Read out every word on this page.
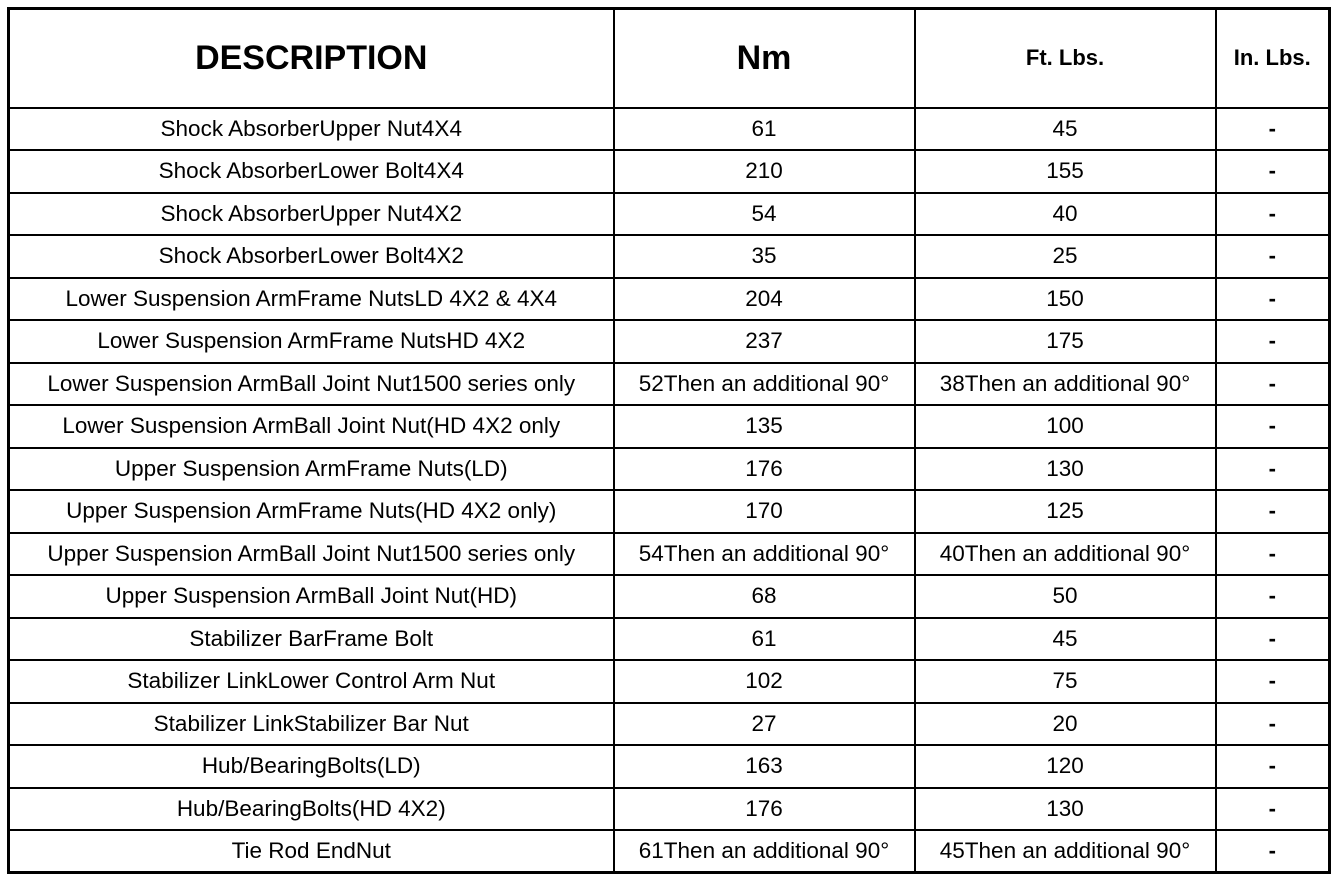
DESCRIPTION	Nm	Ft. Lbs.	In. Lbs.
Shock AbsorberUpper Nut4X4	61	45	-
Shock AbsorberLower Bolt4X4	210	155	-
Shock AbsorberUpper Nut4X2	54	40	-
Shock AbsorberLower Bolt4X2	35	25	-
Lower Suspension ArmFrame NutsLD 4X2 & 4X4	204	150	-
Lower Suspension ArmFrame NutsHD 4X2	237	175	-
Lower Suspension ArmBall Joint Nut1500 series only	52Then an additional 90°	38Then an additional 90°	-
Lower Suspension ArmBall Joint Nut(HD 4X2 only	135	100	-
Upper Suspension ArmFrame Nuts(LD)	176	130	-
Upper Suspension ArmFrame Nuts(HD 4X2 only)	170	125	-
Upper Suspension ArmBall Joint Nut1500 series only	54Then an additional 90°	40Then an additional 90°	-
Upper Suspension ArmBall Joint Nut(HD)	68	50	-
Stabilizer BarFrame Bolt	61	45	-
Stabilizer LinkLower Control Arm Nut	102	75	-
Stabilizer LinkStabilizer Bar Nut	27	20	-
Hub/BearingBolts(LD)	163	120	-
Hub/BearingBolts(HD 4X2)	176	130	-
Tie Rod EndNut	61Then an additional 90°	45Then an additional 90°	-
